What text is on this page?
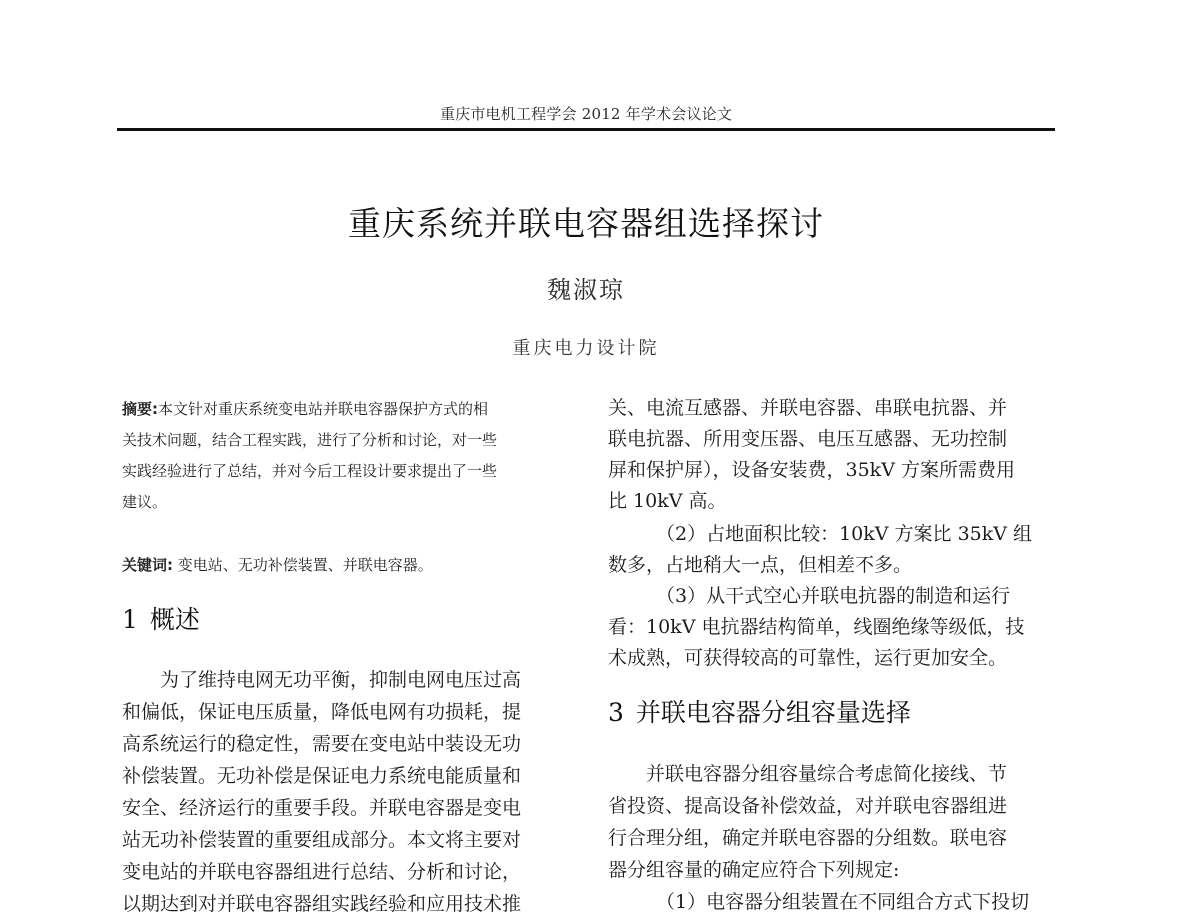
重庆市电机工程学会 2012 年学术会议论文
重庆系统并联电容器组选择探讨
魏淑琼
重庆电力设计院
摘要:本文针对重庆系统变电站并联电容器保护方式的相
关技术问题，结合工程实践，进行了分析和讨论，对一些
实践经验进行了总结，并对今后工程设计要求提出了一些
建议。
关键词: 变电站、无功补偿装置、并联电容器。
1 概述
为了维持电网无功平衡，抑制电网电压过高
和偏低，保证电压质量，降低电网有功损耗，提
高系统运行的稳定性，需要在变电站中装设无功
补偿装置。无功补偿是保证电力系统电能质量和
安全、经济运行的重要手段。并联电容器是变电
站无功补偿装置的重要组成部分。本文将主要对
变电站的并联电容器组进行总结、分析和讨论，
以期达到对并联电容器组实践经验和应用技术推
关、电流互感器、并联电容器、串联电抗器、并
联电抗器、所用变压器、电压互感器、无功控制
屏和保护屏），设备安装费，35kV 方案所需费用
比 10kV 高。
（2）占地面积比较：10kV 方案比 35kV 组
数多，占地稍大一点，但相差不多。
（3）从干式空心并联电抗器的制造和运行
看：10kV 电抗器结构简单，线圈绝缘等级低，技
术成熟，可获得较高的可靠性，运行更加安全。
3 并联电容器分组容量选择
并联电容器分组容量综合考虑简化接线、节
省投资、提高设备补偿效益，对并联电容器组进
行合理分组，确定并联电容器的分组数。联电容
器分组容量的确定应符合下列规定:
（1）电容器分组装置在不同组合方式下投切
